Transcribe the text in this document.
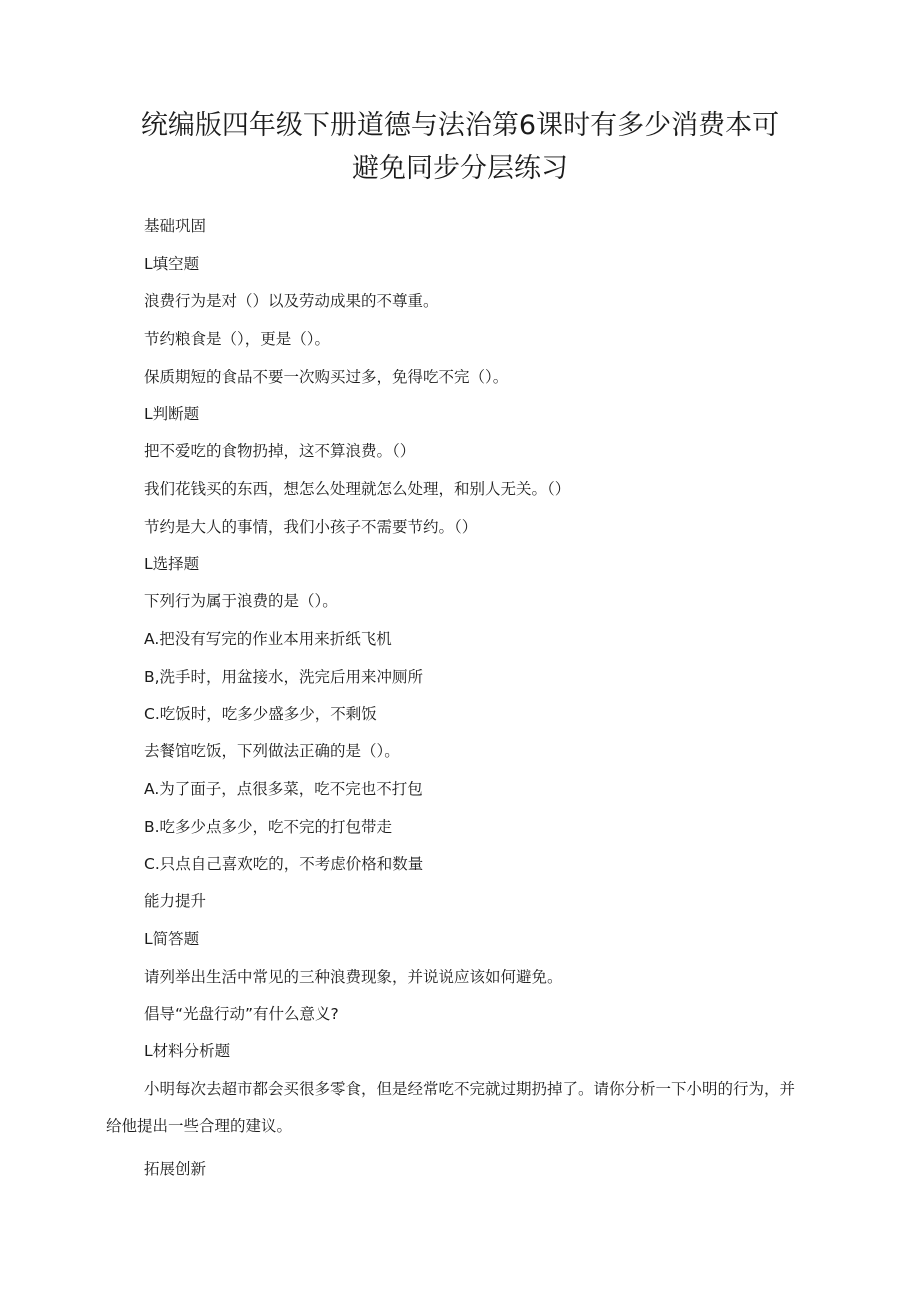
统编版四年级下册道德与法治第6课时有多少消费本可
避免同步分层练习

基础巩固

L填空题

浪费行为是对（）以及劳动成果的不尊重。

节约粮食是（），更是（）。

保质期短的食品不要一次购买过多，免得吃不完（）。

L判断题

把不爱吃的食物扔掉，这不算浪费。（）

我们花钱买的东西，想怎么处理就怎么处理，和别人无关。（）

节约是大人的事情，我们小孩子不需要节约。（）

L选择题

下列行为属于浪费的是（）。

A.把没有写完的作业本用来折纸飞机

B,洗手时，用盆接水，洗完后用来冲厕所

C.吃饭时，吃多少盛多少，不剩饭

去餐馆吃饭，下列做法正确的是（）。

A.为了面子，点很多菜，吃不完也不打包

B.吃多少点多少，吃不完的打包带走

C.只点自己喜欢吃的，不考虑价格和数量

能力提升

L简答题

请列举出生活中常见的三种浪费现象，并说说应该如何避免。

倡导“光盘行动”有什么意义?

L材料分析题

小明每次去超市都会买很多零食，但是经常吃不完就过期扔掉了。请你分析一下小明的行为，并给他提出一些合理的建议。

拓展创新
